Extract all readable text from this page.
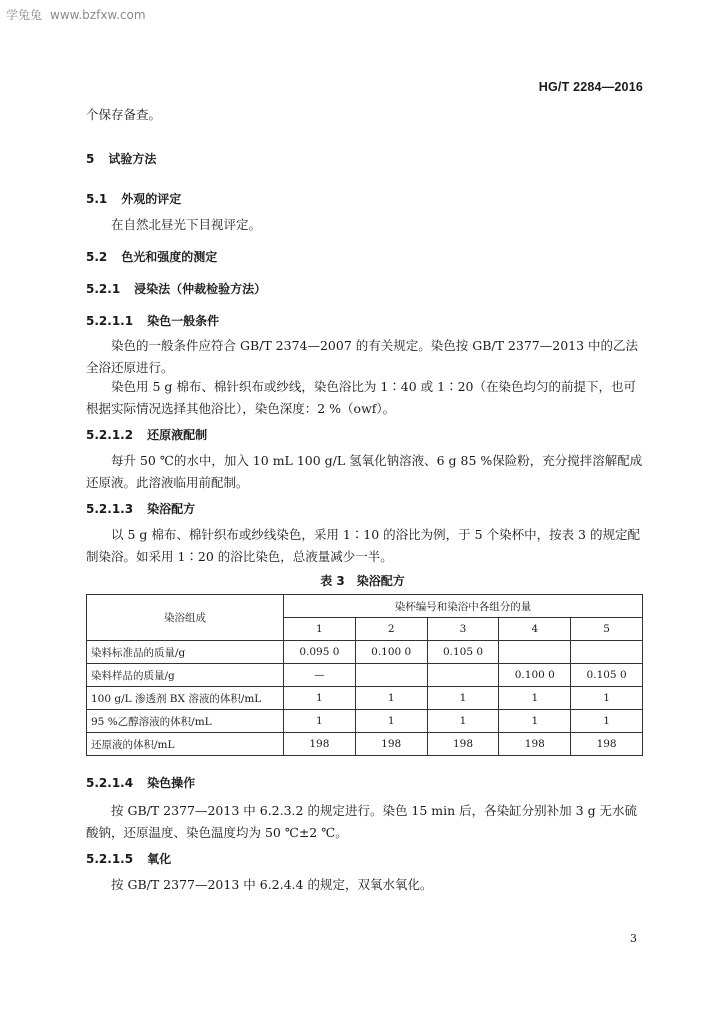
学兔兔 www.bzfxw.com
HG/T 2284—2016
个保存备查。
5 试验方法
5.1 外观的评定
在自然北昼光下目视评定。
5.2 色光和强度的测定
5.2.1 浸染法（仲裁检验方法）
5.2.1.1 染色一般条件
染色的一般条件应符合 GB/T 2374—2007 的有关规定。染色按 GB/T 2377—2013 中的乙法全浴还原进行。
染色用 5 g 棉布、棉针织布或纱线，染色浴比为 1∶40 或 1∶20（在染色均匀的前提下，也可根据实际情况选择其他浴比），染色深度：2 %（owf）。
5.2.1.2 还原液配制
每升 50 ℃的水中，加入 10 mL 100 g/L 氢氧化钠溶液、6 g 85 %保险粉，充分搅拌溶解配成还原液。此溶液临用前配制。
5.2.1.3 染浴配方
以 5 g 棉布、棉针织布或纱线染色，采用 1∶10 的浴比为例，于 5 个染杯中，按表 3 的规定配制染浴。如采用 1∶20 的浴比染色，总液量减少一半。
表 3　染浴配方
染浴组成	染杯编号和染浴中各组分的量				
	1	2	3	4	5
染料标准品的质量/g	0.095 0	0.100 0	0.105 0		
染料样品的质量/g	—			0.100 0	0.105 0
100 g/L 渗透剂 BX 溶液的体积/mL	1	1	1	1	1
95 %乙醇溶液的体积/mL	1	1	1	1	1
还原液的体积/mL	198	198	198	198	198
5.2.1.4 染色操作
按 GB/T 2377—2013 中 6.2.3.2 的规定进行。染色 15 min 后，各染缸分别补加 3 g 无水硫酸钠，还原温度、染色温度均为 50 ℃±2 ℃。
5.2.1.5 氧化
按 GB/T 2377—2013 中 6.2.4.4 的规定，双氧水氧化。
3
